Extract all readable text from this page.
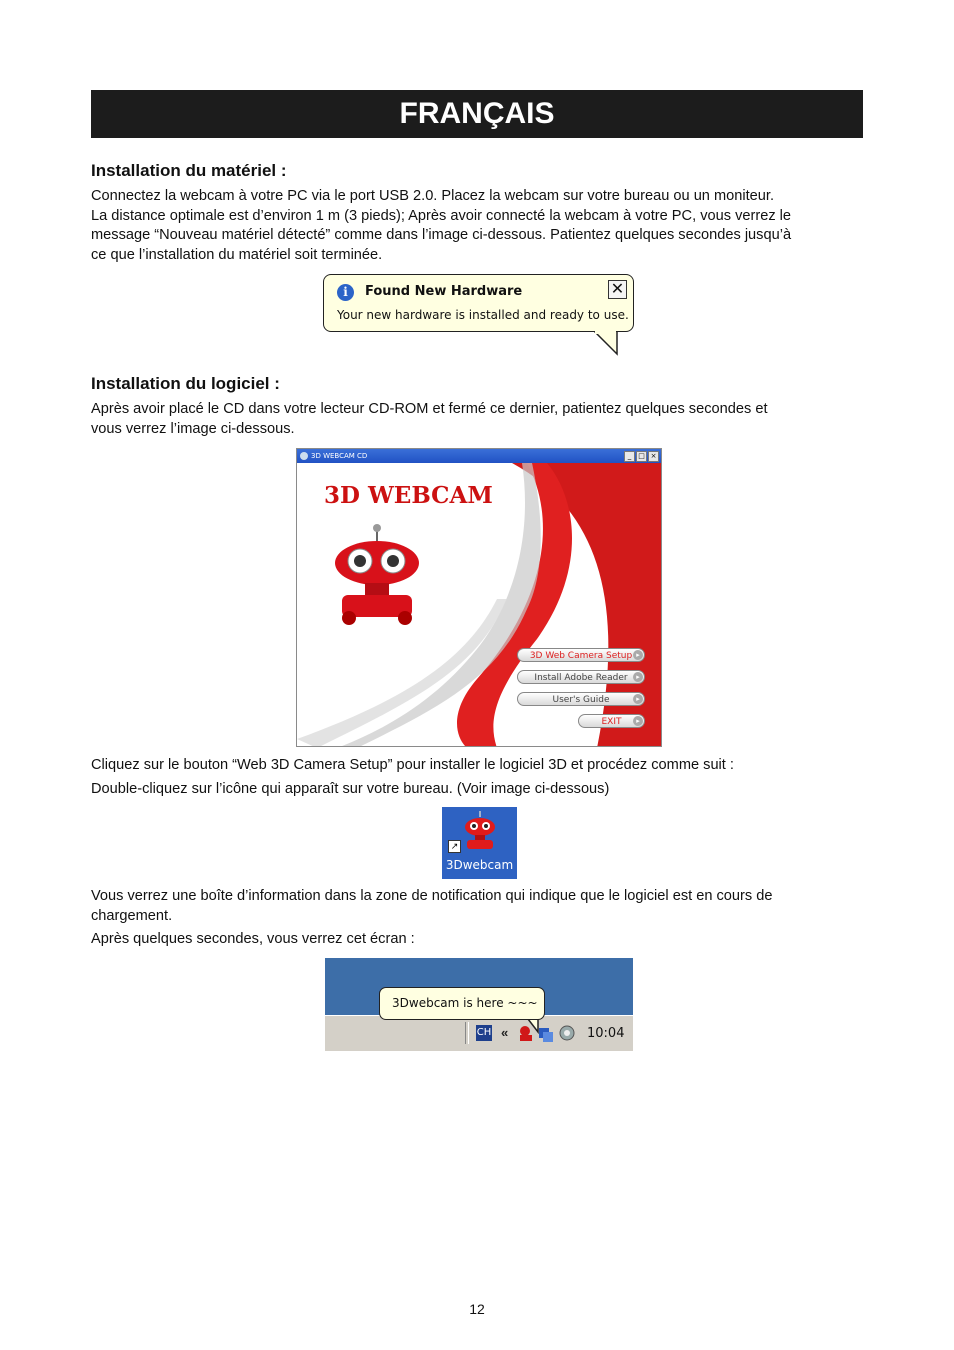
FRANÇAIS
Installation du matériel :
Connectez la webcam à votre PC via le port USB 2.0. Placez la webcam sur votre bureau ou un moniteur.
La distance optimale est d’environ 1 m (3 pieds); Après avoir connecté la webcam à votre PC, vous verrez le
message “Nouveau matériel détecté” comme dans l’image ci-dessous. Patientez quelques secondes jusqu’à
ce que l’installation du matériel soit terminée.
i	Found New Hardware
Your new hardware is installed and ready to use.
✕
Installation du logiciel :
Après avoir placé le CD dans votre lecteur CD-ROM et fermé ce dernier, patientez quelques secondes et
vous verrez l’image ci-dessous.
3D WEBCAM CD	_ □ ×
3D WEBCAM
3D Web Camera Setup ▸
Install Adobe Reader	▸
User's Guide	▸
EXIT	▸
Cliquez sur le bouton “Web 3D Camera Setup” pour installer le logiciel 3D et procédez comme suit :
Double-cliquez sur l’icône qui apparaît sur votre bureau. (Voir image ci-dessous)
↗
3Dwebcam
Vous verrez une boîte d’information dans la zone de notification qui indique que le logiciel est en cours de
chargement.
Après quelques secondes, vous verrez cet écran :
3Dwebcam is here ~~~
CH «	10:04
12
